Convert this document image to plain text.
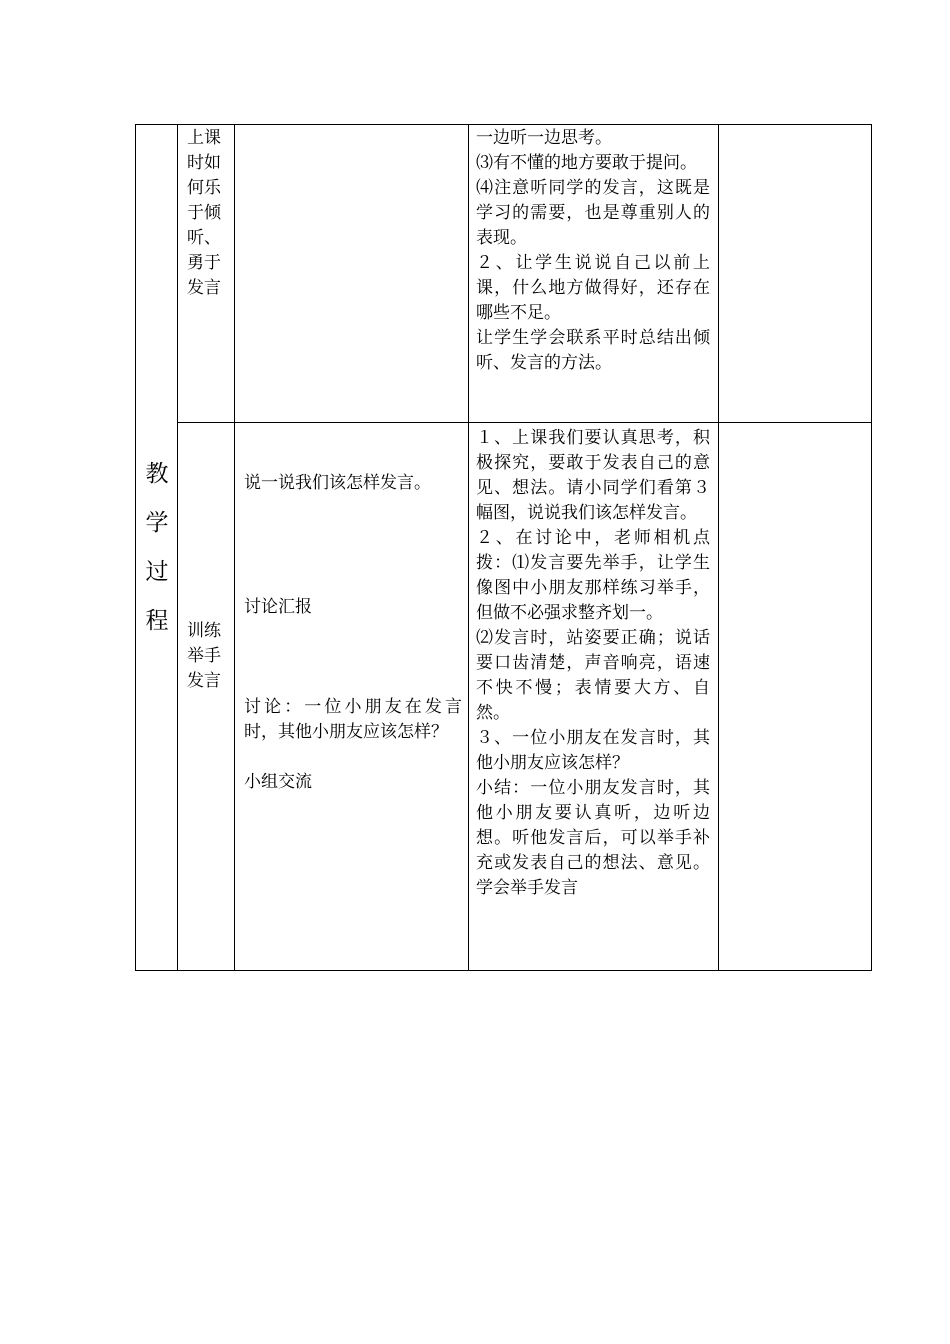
教学过程

上课时如何乐于倾听、勇于发言

一边听一边思考。

⑶有不懂的地方要敢于提问。

⑷注意听同学的发言，这既是学习的需要，也是尊重别人的表现。

２、让学生说说自己以前上课，什么地方做得好，还存在哪些不足。

让学生学会联系平时总结出倾听、发言的方法。

训练举手发言

说一说我们该怎样发言。

讨论汇报

讨论：一位小朋友在发言时，其他小朋友应该怎样？

小组交流

１、上课我们要认真思考，积极探究，要敢于发表自己的意见、想法。请小同学们看第３幅图，说说我们该怎样发言。

２、在讨论中，老师相机点拨：⑴发言要先举手，让学生像图中小朋友那样练习举手，但做不必强求整齐划一。

⑵发言时，站姿要正确；说话要口齿清楚，声音响亮，语速不快不慢；表情要大方、自然。

３、一位小朋友在发言时，其他小朋友应该怎样？

小结：一位小朋友发言时，其他小朋友要认真听，边听边想。听他发言后，可以举手补充或发表自己的想法、意见。学会举手发言
